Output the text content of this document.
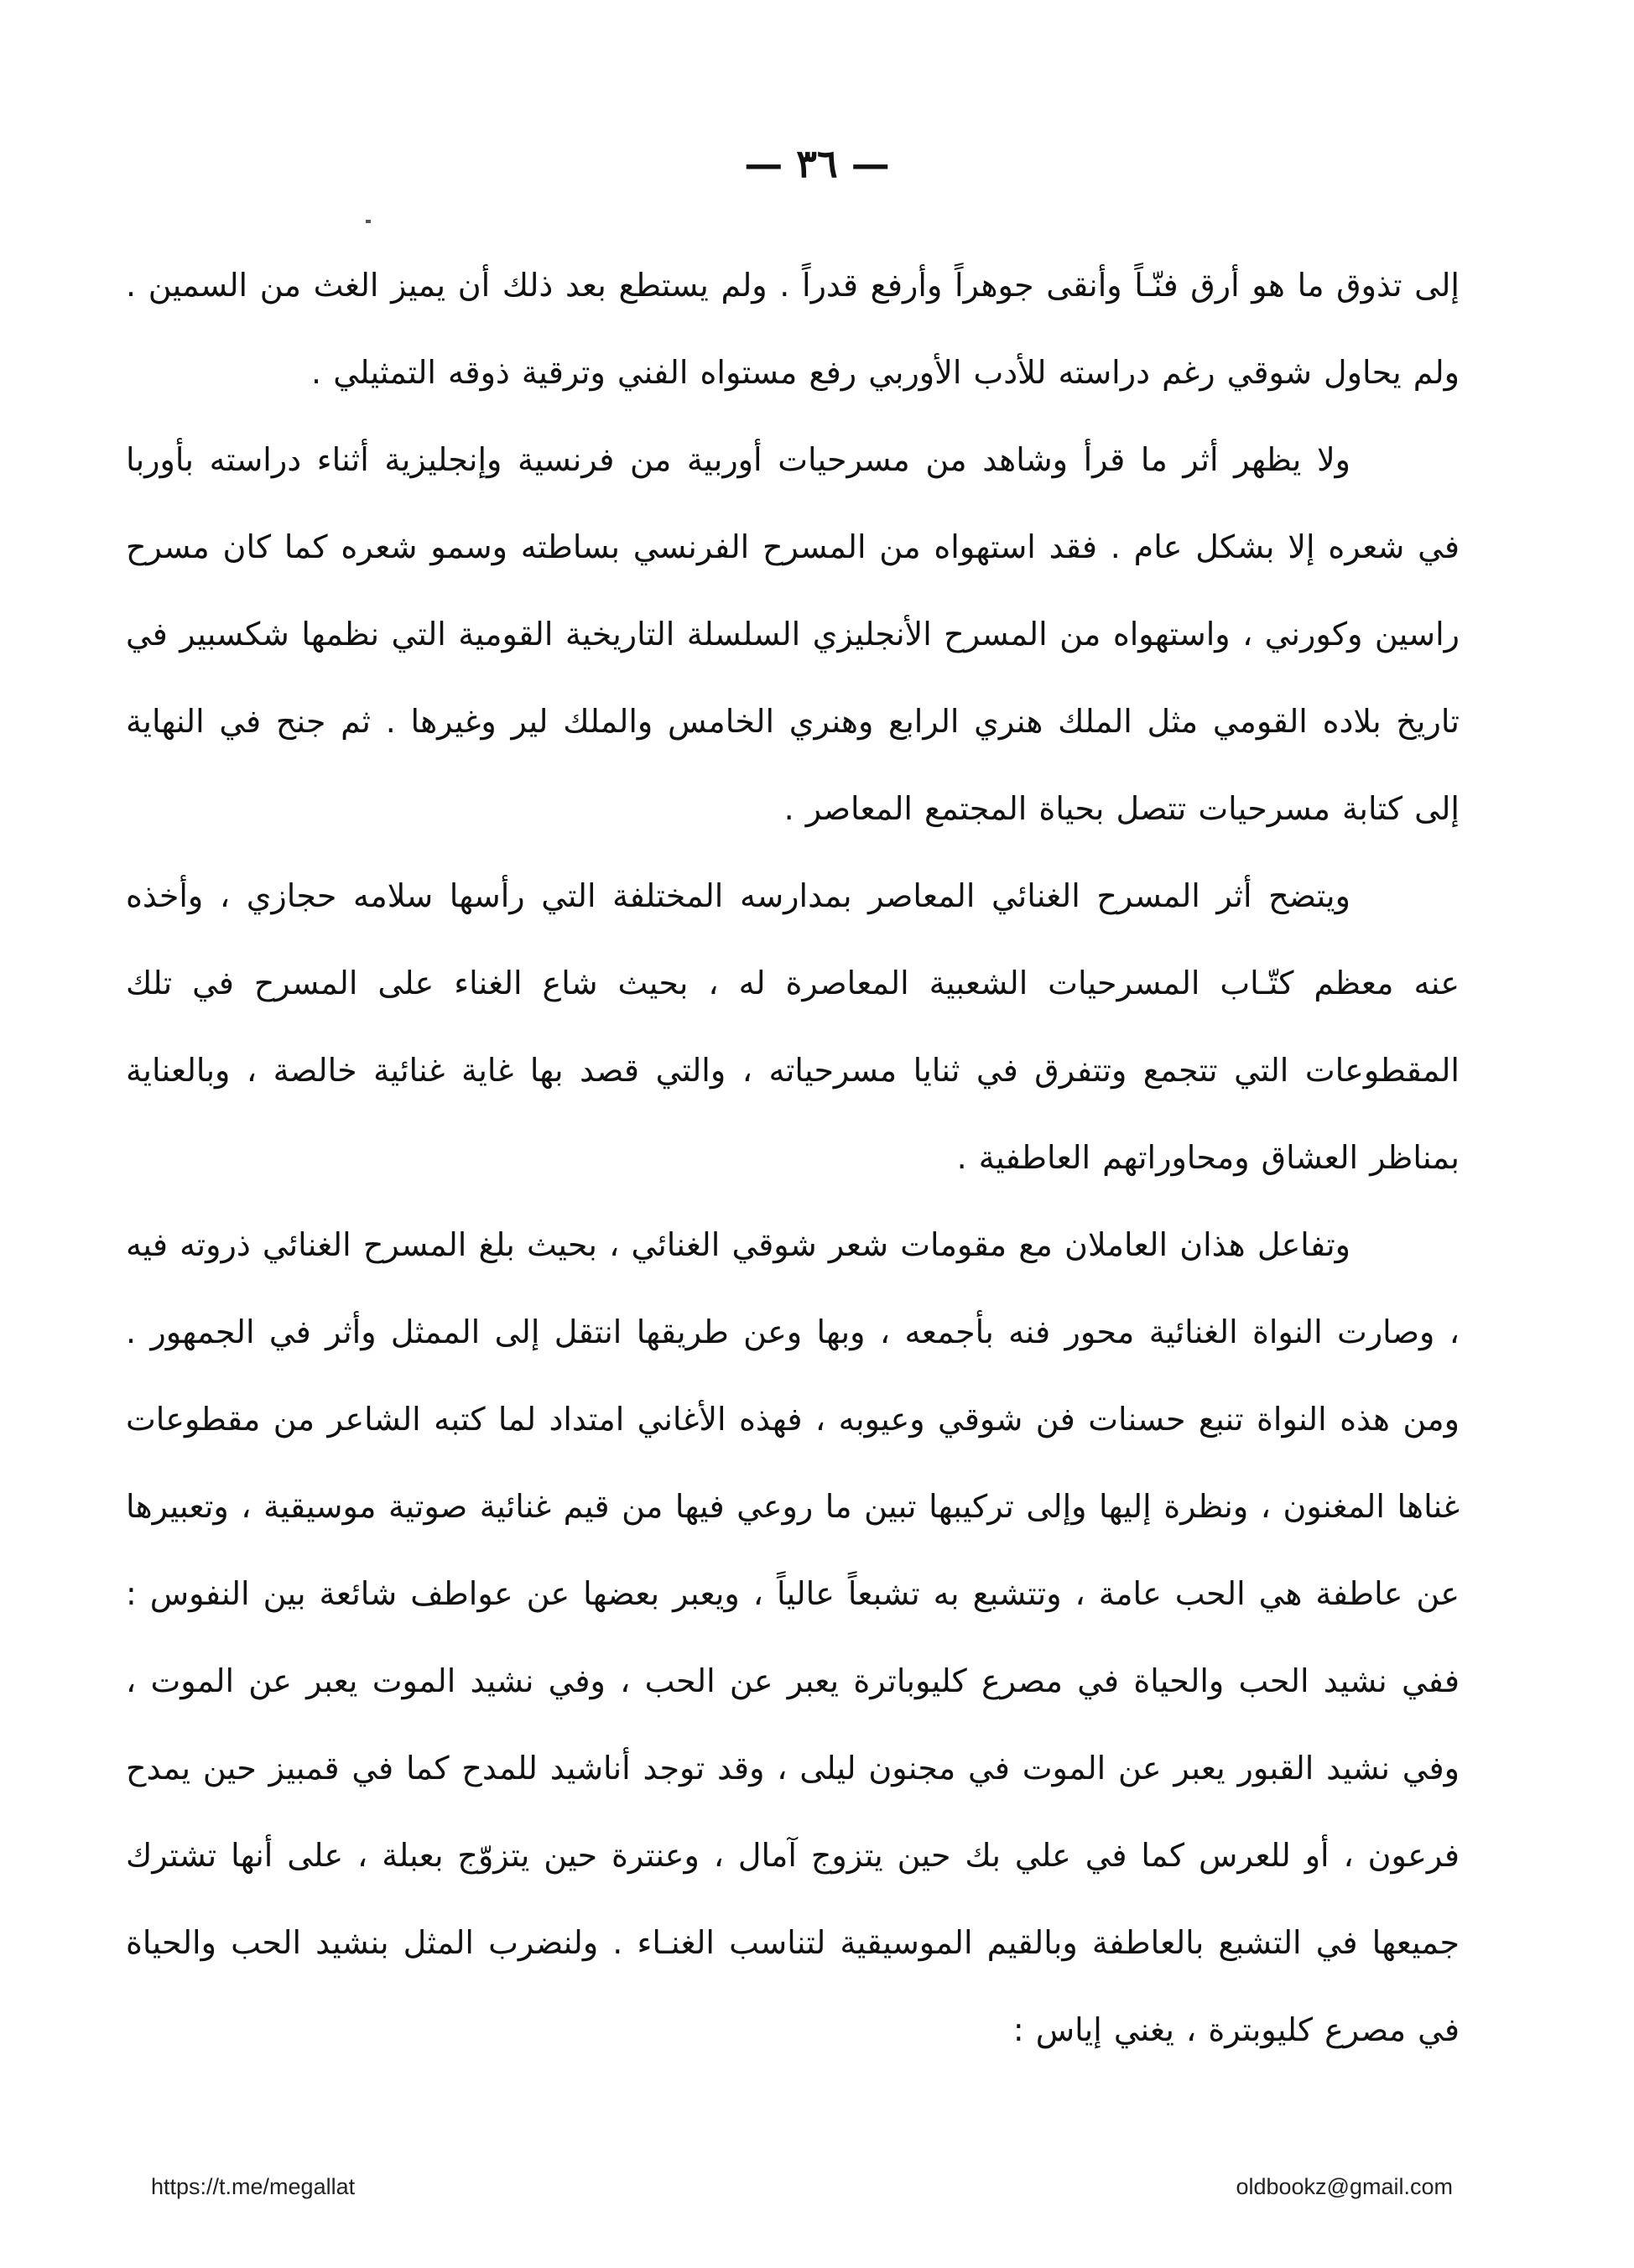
— ٣٦ —

إلى تذوق ما هو أرق فنّـاً وأنقى جوهراً وأرفع قدراً . ولم يستطع بعد ذلك أن يميز الغث من السمين . ولم يحاول شوقي رغم دراسته للأدب الأوربي رفع مستواه الفني وترقية ذوقه التمثيلي .

ولا يظهر أثر ما قرأ وشاهد من مسرحيات أوربية من فرنسية وإنجليزية أثناء دراسته بأوربا في شعره إلا بشكل عام . فقد استهواه من المسرح الفرنسي بساطته وسمو شعره كما كان مسرح راسين وكورني ، واستهواه من المسرح الأنجليزي السلسلة التاريخية القومية التي نظمها شكسبير في تاريخ بلاده القومي مثل الملك هنري الرابع وهنري الخامس والملك لير وغيرها . ثم جنح في النهاية إلى كتابة مسرحيات تتصل بحياة المجتمع المعاصر .

ويتضح أثر المسرح الغنائي المعاصر بمدارسه المختلفة التي رأسها سلامه حجازي ، وأخذه عنه معظم كتّـاب المسرحيات الشعبية المعاصرة له ، بحيث شاع الغناء على المسرح في تلك المقطوعات التي تتجمع وتتفرق في ثنايا مسرحياته ، والتي قصد بها غاية غنائية خالصة ، وبالعناية بمناظر العشاق ومحاوراتهم العاطفية .

وتفاعل هذان العاملان مع مقومات شعر شوقي الغنائي ، بحيث بلغ المسرح الغنائي ذروته فيه ، وصارت النواة الغنائية محور فنه بأجمعه ، وبها وعن طريقها انتقل إلى الممثل وأثر في الجمهور . ومن هذه النواة تنبع حسنات فن شوقي وعيوبه ، فهذه الأغاني امتداد لما كتبه الشاعر من مقطوعات غناها المغنون ، ونظرة إليها وإلى تركيبها تبين ما روعي فيها من قيم غنائية صوتية موسيقية ، وتعبيرها عن عاطفة هي الحب عامة ، وتتشبع به تشبعاً عالياً ، ويعبر بعضها عن عواطف شائعة بين النفوس : ففي نشيد الحب والحياة في مصرع كليوباترة يعبر عن الحب ، وفي نشيد الموت يعبر عن الموت ، وفي نشيد القبور يعبر عن الموت في مجنون ليلى ، وقد توجد أناشيد للمدح كما في قمبيز حين يمدح فرعون ، أو للعرس كما في علي بك حين يتزوج آمال ، وعنترة حين يتزوّج بعبلة ، على أنها تشترك جميعها في التشبع بالعاطفة وبالقيم الموسيقية لتناسب الغنـاء . ولنضرب المثل بنشيد الحب والحياة في مصرع كليوبترة ، يغني إياس :

https://t.me/megallat	oldbookz@gmail.com
